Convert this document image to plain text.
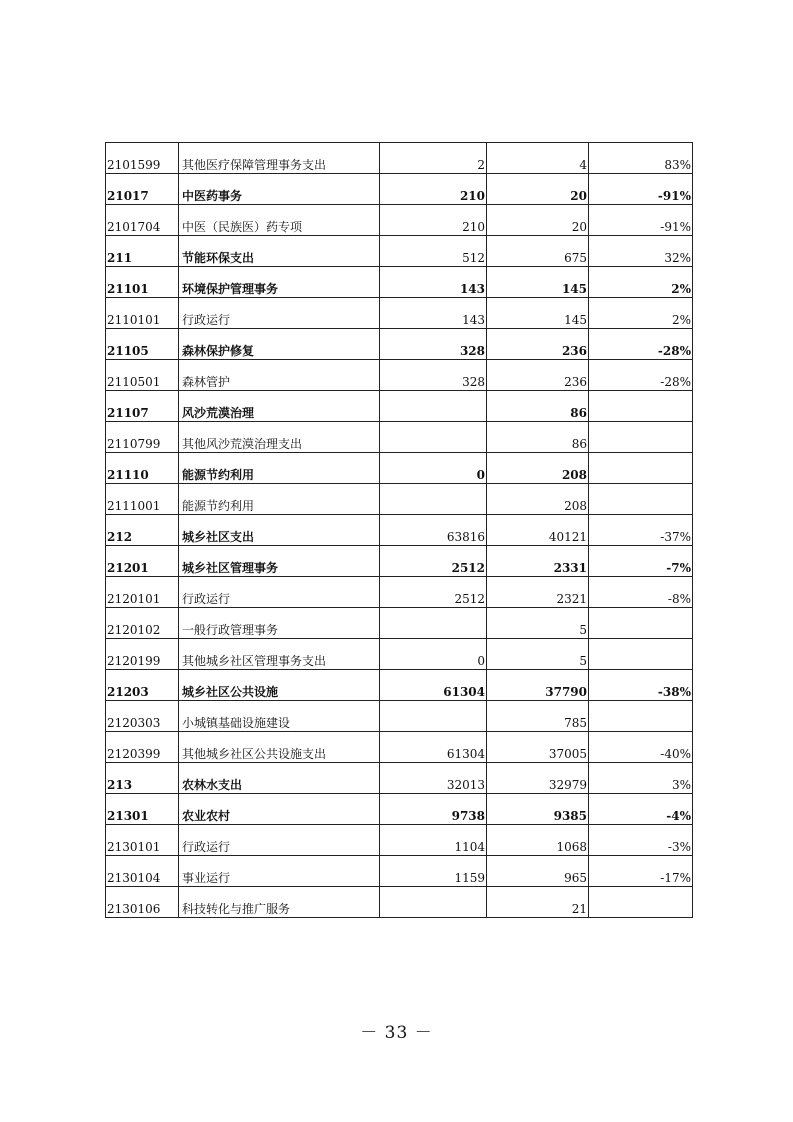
2101599	其他医疗保障管理事务支出	2	4	83%
21017	中医药事务	210	20	-91%
2101704	中医（民族医）药专项	210	20	-91%
211	节能环保支出	512	675	32%
21101	环境保护管理事务	143	145	2%
2110101	行政运行	143	145	2%
21105	森林保护修复	328	236	-28%
2110501	森林管护	328	236	-28%
21107	风沙荒漠治理		86	
2110799	其他风沙荒漠治理支出		86	
21110	能源节约利用	0	208	
2111001	能源节约利用		208	
212	城乡社区支出	63816	40121	-37%
21201	城乡社区管理事务	2512	2331	-7%
2120101	行政运行	2512	2321	-8%
2120102	一般行政管理事务		5	
2120199	其他城乡社区管理事务支出	0	5	
21203	城乡社区公共设施	61304	37790	-38%
2120303	小城镇基础设施建设		785	
2120399	其他城乡社区公共设施支出	61304	37005	-40%
213	农林水支出	32013	32979	3%
21301	农业农村	9738	9385	-4%
2130101	行政运行	1104	1068	-3%
2130104	事业运行	1159	965	-17%
2130106	科技转化与推广服务		21	
－ 33 －
